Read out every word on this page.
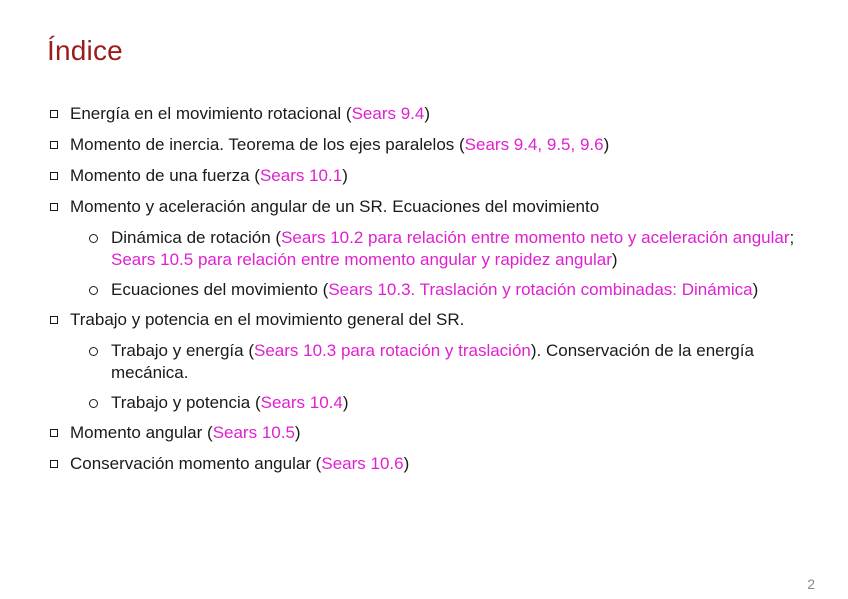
Índice
Energía en el movimiento rotacional (Sears 9.4)
Momento de inercia. Teorema de los ejes paralelos (Sears 9.4, 9.5, 9.6)
Momento de una fuerza (Sears 10.1)
Momento y aceleración angular de un SR. Ecuaciones del movimiento
Dinámica de rotación (Sears 10.2 para relación entre momento neto y aceleración angular; Sears 10.5 para relación entre momento angular y rapidez angular)
Ecuaciones del movimiento (Sears 10.3. Traslación y rotación combinadas: Dinámica)
Trabajo y potencia en el movimiento general del SR.
Trabajo y energía (Sears 10.3 para rotación y traslación). Conservación de la energía mecánica.
Trabajo y potencia (Sears 10.4)
Momento angular (Sears 10.5)
Conservación momento angular (Sears 10.6)
2
